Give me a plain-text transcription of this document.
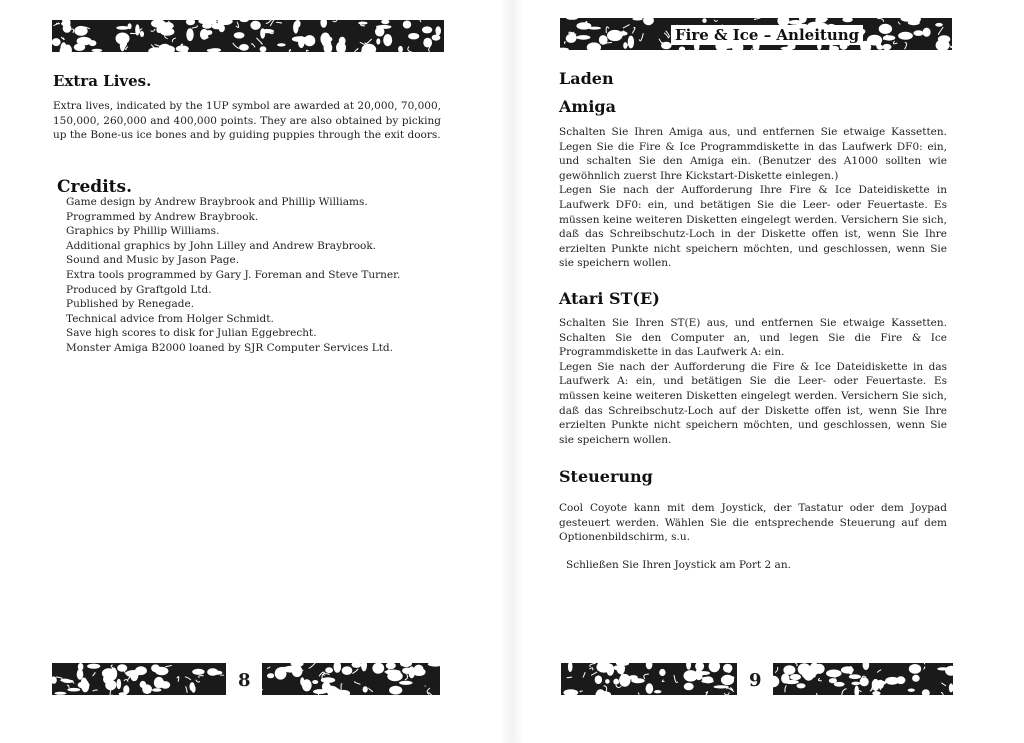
Extra Lives.

Extra lives, indicated by the 1UP symbol are awarded at 20,000, 70,000, 150,000, 260,000 and 400,000 points. They are also obtained by picking up the Bone-us ice bones and by guiding puppies through the exit doors.

Credits.
Game design by Andrew Braybrook and Phillip Williams.
Programmed by Andrew Braybrook.
Graphics by Phillip Williams.
Additional graphics by John Lilley and Andrew Braybrook.
Sound and Music by Jason Page.
Extra tools programmed by Gary J. Foreman and Steve Turner.
Produced by Graftgold Ltd.
Published by Renegade.
Technical advice from Holger Schmidt.
Save high scores to disk for Julian Eggebrecht.
Monster Amiga B2000 loaned by SJR Computer Services Ltd.
8
Fire & Ice – Anleitung
Laden
Amiga

Schalten Sie Ihren Amiga aus, und entfernen Sie etwaige Kassetten. Legen Sie die Fire & Ice Programmdiskette in das Laufwerk DF0: ein, und schalten Sie den Amiga ein. (Benutzer des A1000 sollten wie gewöhnlich zuerst Ihre Kickstart-Diskette einlegen.)
Legen Sie nach der Aufforderung Ihre Fire & Ice Dateidiskette in Laufwerk DF0: ein, und betätigen Sie die Leer- oder Feuertaste. Es müssen keine weiteren Disketten eingelegt werden. Versichern Sie sich, daß das Schreibschutz-Loch in der Diskette offen ist, wenn Sie Ihre erzielten Punkte nicht speichern möchten, und geschlossen, wenn Sie sie speichern wollen.

Atari ST(E)

Schalten Sie Ihren ST(E) aus, und entfernen Sie etwaige Kassetten. Schalten Sie den Computer an, und legen Sie die Fire & Ice Programmdiskette in das Laufwerk A: ein.
Legen Sie nach der Aufforderung die Fire & Ice Dateidiskette in das Laufwerk A: ein, und betätigen Sie die Leer- oder Feuertaste. Es müssen keine weiteren Disketten eingelegt werden. Versichern Sie sich, daß das Schreibschutz-Loch auf der Diskette offen ist, wenn Sie Ihre erzielten Punkte nicht speichern möchten, und geschlossen, wenn Sie sie speichern wollen.

Steuerung

Cool Coyote kann mit dem Joystick, der Tastatur oder dem Joypad gesteuert werden. Wählen Sie die entsprechende Steuerung auf dem Optionenbildschirm, s.u.

Schließen Sie Ihren Joystick am Port 2 an.

9
